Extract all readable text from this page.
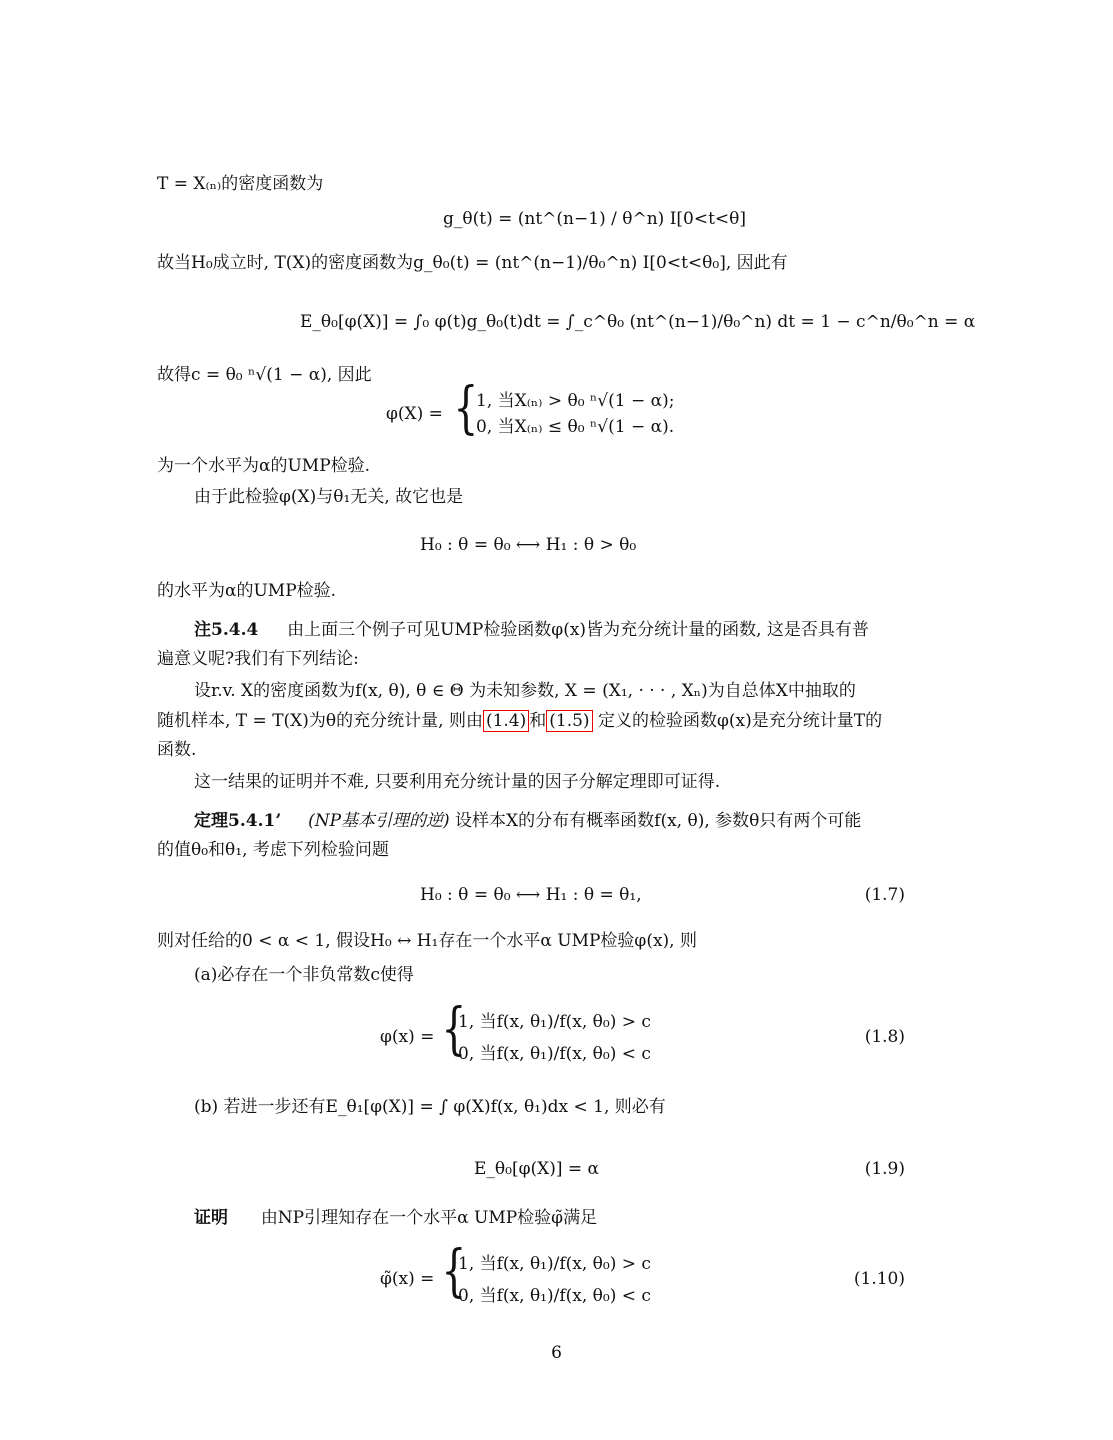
T = X₍ₙ₎的密度函数为
g_θ(t) = (nt^(n−1) / θ^n) I[0<t<θ]
故当H₀成立时, T(X)的密度函数为g_θ₀(t) = (nt^(n−1)/θ₀^n) I[0<t<θ₀], 因此有
E_θ₀[φ(X)] = ∫₀ φ(t)g_θ₀(t)dt = ∫_c^θ₀ (nt^(n−1)/θ₀^n) dt = 1 − c^n/θ₀^n = α
故得c = θ₀ ⁿ√(1 − α), 因此
φ(X) = {
1, 当X₍ₙ₎ > θ₀ ⁿ√(1 − α);
0, 当X₍ₙ₎ ≤ θ₀ ⁿ√(1 − α).
为一个水平为α的UMP检验.
由于此检验φ(X)与θ₁无关, 故它也是
H₀ : θ = θ₀ ⟷ H₁ : θ > θ₀
的水平为α的UMP检验.
注5.4.4 由上面三个例子可见UMP检验函数φ(x)皆为充分统计量的函数, 这是否具有普
遍意义呢?我们有下列结论:
设r.v. X的密度函数为f(x, θ), θ ∈ Θ 为未知参数, X = (X₁, · · · , Xₙ)为自总体X中抽取的
随机样本, T = T(X)为θ的充分统计量, 则由 (1.4) 和 (1.5) 定义的检验函数φ(x)是充分统计量T的
函数.
这一结果的证明并不难, 只要利用充分统计量的因子分解定理即可证得.
定理5.4.1’ (NP基本引理的逆) 设样本X的分布有概率函数f(x, θ), 参数θ只有两个可能
的值θ₀和θ₁, 考虑下列检验问题
H₀ : θ = θ₀ ⟷ H₁ : θ = θ₁,	(1.7)
则对任给的0 < α < 1, 假设H₀ ↔ H₁存在一个水平α UMP检验φ(x), 则
(a)必存在一个非负常数c使得
φ(x) = {
1, 当f(x, θ₁)/f(x, θ₀) > c
0, 当f(x, θ₁)/f(x, θ₀) < c
(1.8)
(b) 若进一步还有E_θ₁[φ(X)] = ∫ φ(X)f(x, θ₁)dx < 1, 则必有
E_θ₀[φ(X)] = α	(1.9)
证明 由NP引理知存在一个水平α UMP检验φ̃满足
φ̃(x) = {
1, 当f(x, θ₁)/f(x, θ₀) > c
0, 当f(x, θ₁)/f(x, θ₀) < c
(1.10)
6
